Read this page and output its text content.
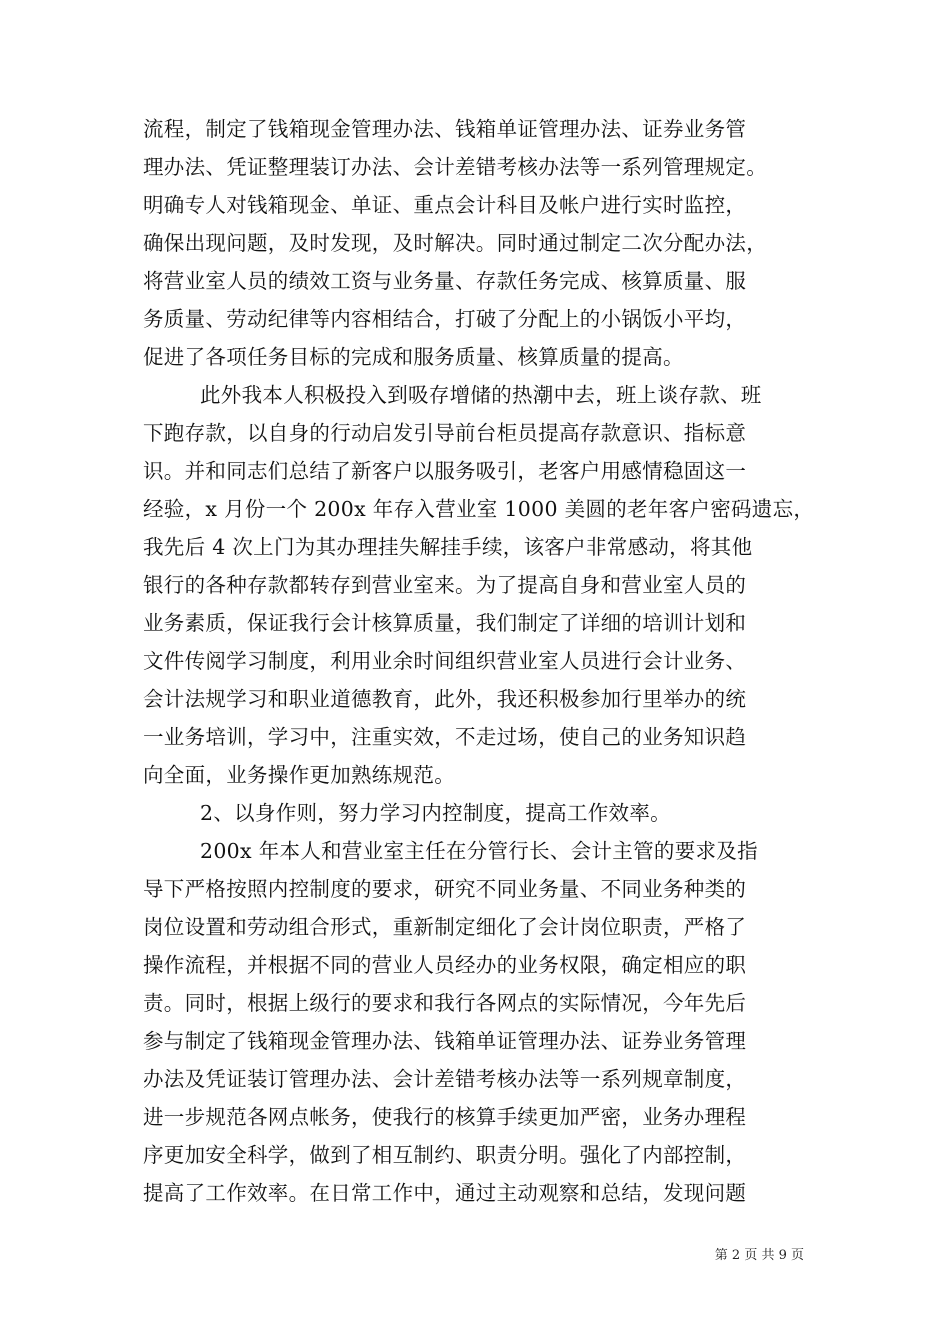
流程，制定了钱箱现金管理办法、钱箱单证管理办法、证券业务管
理办法、凭证整理装订办法、会计差错考核办法等一系列管理规定。
明确专人对钱箱现金、单证、重点会计科目及帐户进行实时监控，
确保出现问题，及时发现，及时解决。同时通过制定二次分配办法，
将营业室人员的绩效工资与业务量、存款任务完成、核算质量、服
务质量、劳动纪律等内容相结合，打破了分配上的小锅饭小平均，
促进了各项任务目标的完成和服务质量、核算质量的提高。
此外我本人积极投入到吸存增储的热潮中去，班上谈存款、班
下跑存款，以自身的行动启发引导前台柜员提高存款意识、指标意
识。并和同志们总结了新客户以服务吸引，老客户用感情稳固这一
经验，x 月份一个 200x 年存入营业室 1000 美圆的老年客户密码遗忘，
我先后 4 次上门为其办理挂失解挂手续，该客户非常感动，将其他
银行的各种存款都转存到营业室来。为了提高自身和营业室人员的
业务素质，保证我行会计核算质量，我们制定了详细的培训计划和
文件传阅学习制度，利用业余时间组织营业室人员进行会计业务、
会计法规学习和职业道德教育，此外，我还积极参加行里举办的统
一业务培训，学习中，注重实效，不走过场，使自己的业务知识趋
向全面，业务操作更加熟练规范。
2、以身作则，努力学习内控制度，提高工作效率。
200x 年本人和营业室主任在分管行长、会计主管的要求及指
导下严格按照内控制度的要求，研究不同业务量、不同业务种类的
岗位设置和劳动组合形式，重新制定细化了会计岗位职责，严格了
操作流程，并根据不同的营业人员经办的业务权限，确定相应的职
责。同时，根据上级行的要求和我行各网点的实际情况，今年先后
参与制定了钱箱现金管理办法、钱箱单证管理办法、证券业务管理
办法及凭证装订管理办法、会计差错考核办法等一系列规章制度，
进一步规范各网点帐务，使我行的核算手续更加严密，业务办理程
序更加安全科学，做到了相互制约、职责分明。强化了内部控制，
提高了工作效率。在日常工作中，通过主动观察和总结，发现问题
第 2 页 共 9 页
